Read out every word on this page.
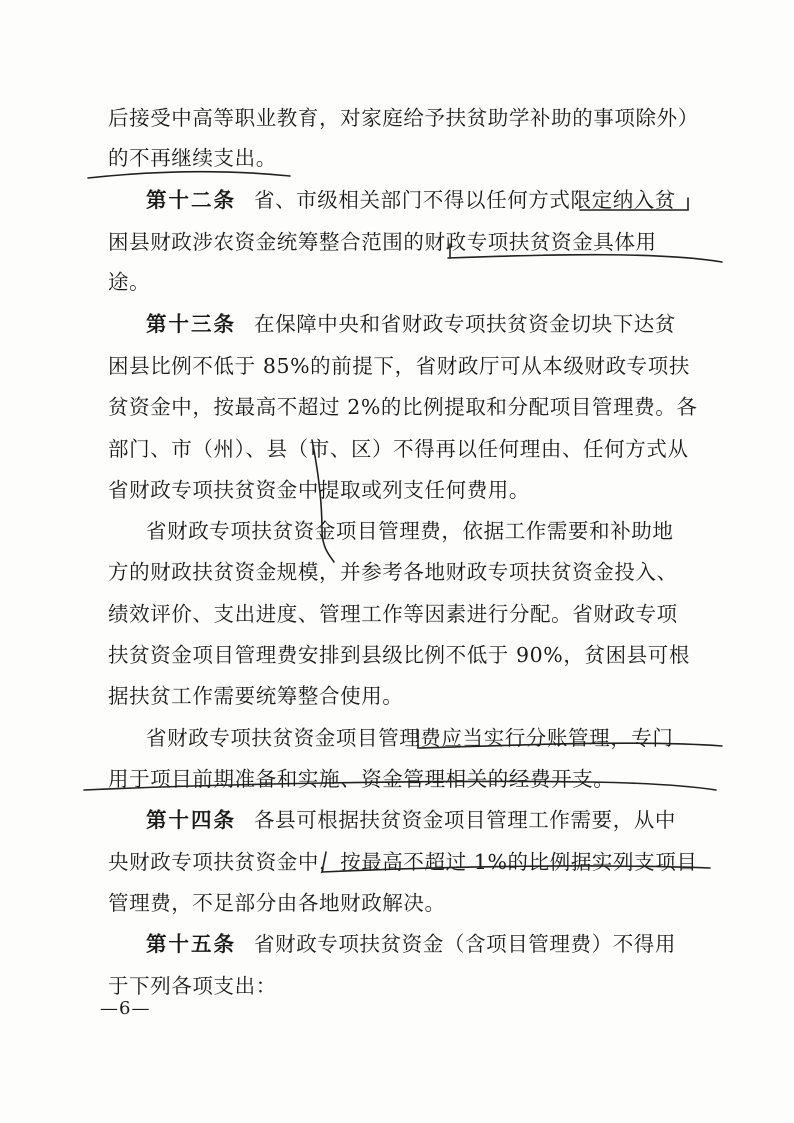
后接受中高等职业教育，对家庭给予扶贫助学补助的事项除外）
的不再继续支出。
第十二条 省、市级相关部门不得以任何方式限定纳入贫
困县财政涉农资金统筹整合范围的财政专项扶贫资金具体用
途。
第十三条 在保障中央和省财政专项扶贫资金切块下达贫
困县比例不低于 85%的前提下，省财政厅可从本级财政专项扶
贫资金中，按最高不超过 2%的比例提取和分配项目管理费。各
部门、市（州）、县（市、区）不得再以任何理由、任何方式从
省财政专项扶贫资金中提取或列支任何费用。
省财政专项扶贫资金项目管理费，依据工作需要和补助地
方的财政扶贫资金规模，并参考各地财政专项扶贫资金投入、
绩效评价、支出进度、管理工作等因素进行分配。省财政专项
扶贫资金项目管理费安排到县级比例不低于 90%，贫困县可根
据扶贫工作需要统筹整合使用。
省财政专项扶贫资金项目管理费应当实行分账管理，专门
用于项目前期准备和实施、资金管理相关的经费开支。
第十四条 各县可根据扶贫资金项目管理工作需要，从中
央财政专项扶贫资金中，按最高不超过 1%的比例据实列支项目
管理费，不足部分由各地财政解决。
第十五条 省财政专项扶贫资金（含项目管理费）不得用
于下列各项支出：
—6—
